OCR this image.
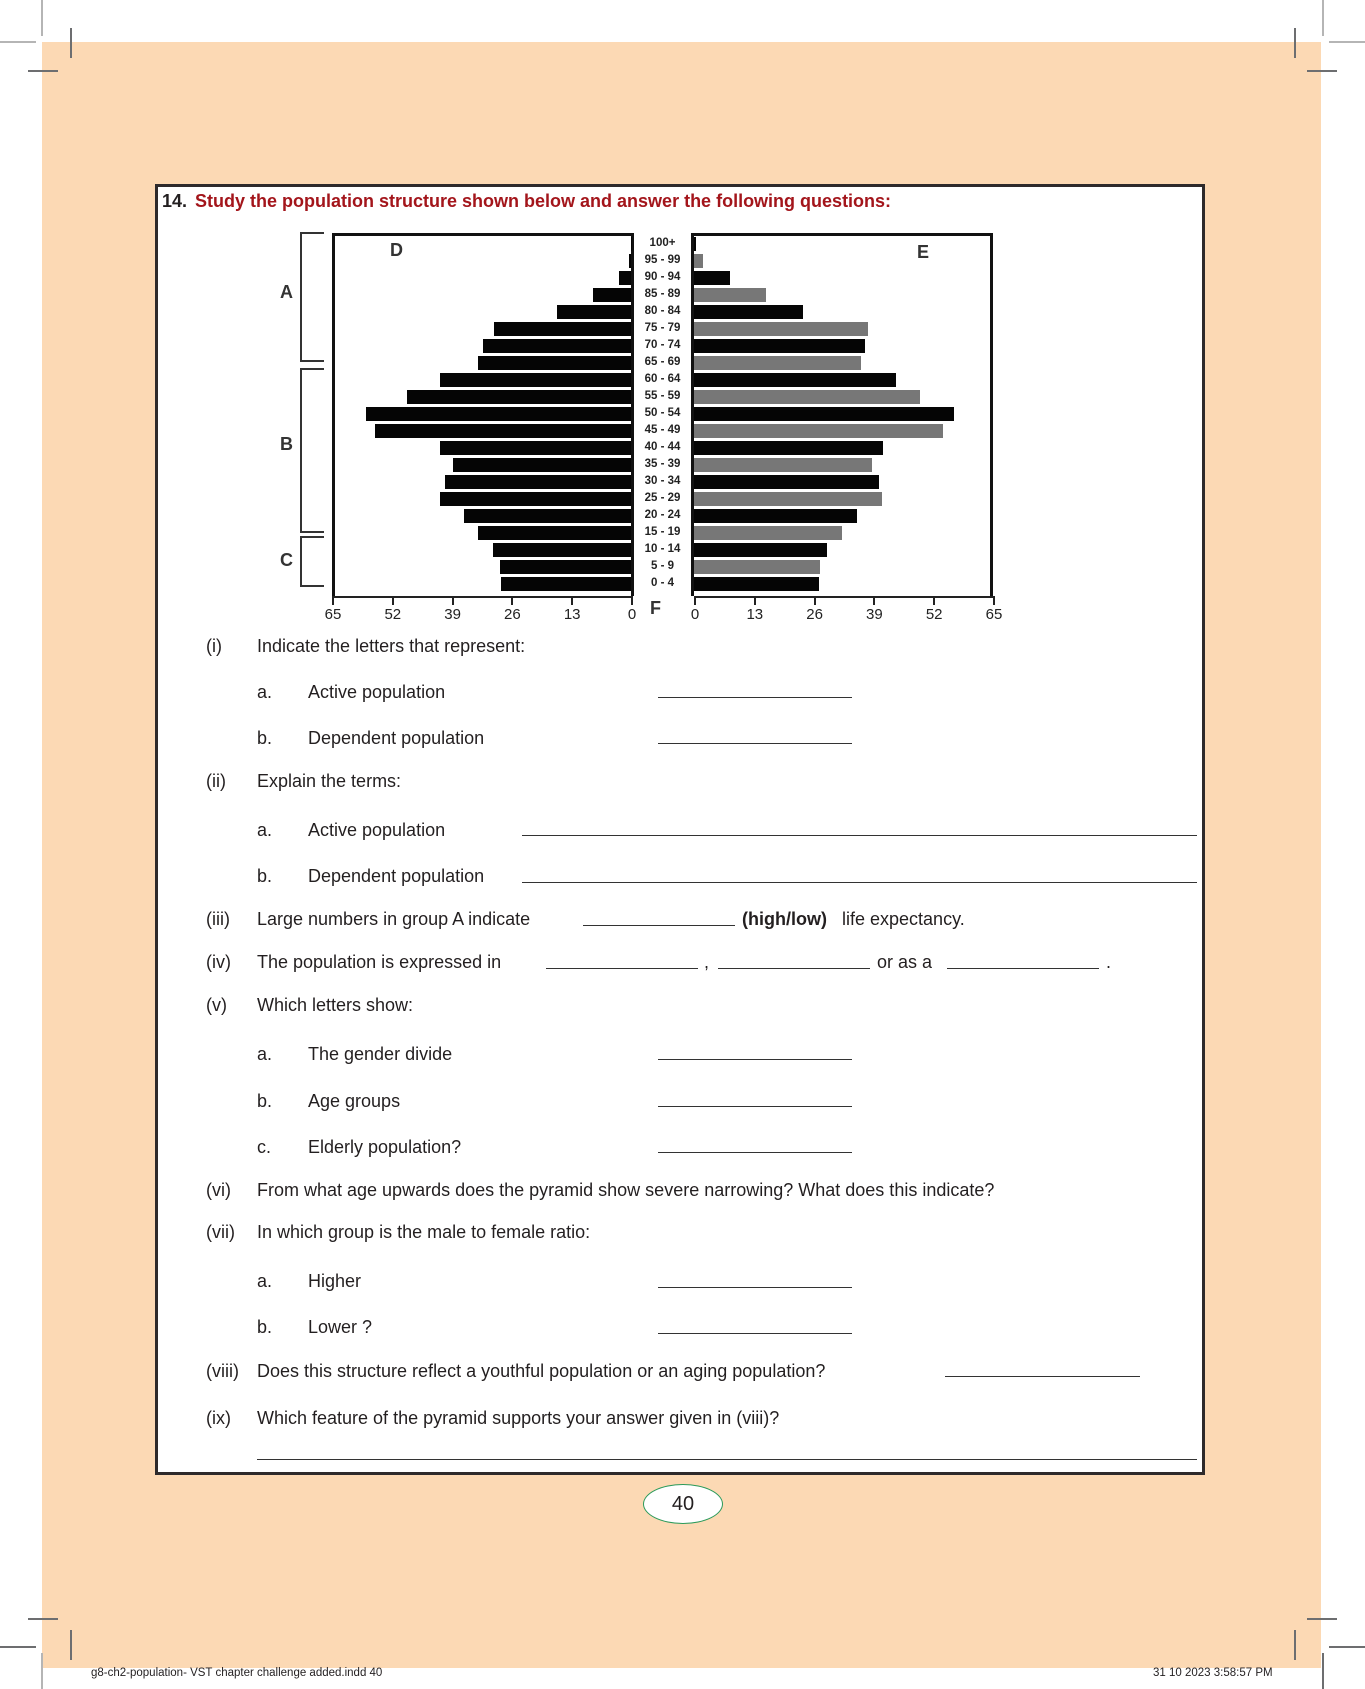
14. Study the population structure shown below and answer the following questions:
100+
95 - 99
90 - 94
85 - 89
80 - 84
75 - 79
70 - 74
65 - 69
60 - 64
55 - 59
50 - 54
45 - 49
40 - 44
35 - 39
30 - 34
25 - 29
20 - 24
15 - 19
10 - 14
5 - 9
0 - 4
65	52	39	26	13	0	0	13	26	39	52	65
D	E
F
A
B
C
(i) Indicate the letters that represent:
a. Active population
b. Dependent population
(ii) Explain the terms:
a. Active population
b. Dependent population
(iii) Large numbers in group A indicate	(high/low) life expectancy.
(iv) The population is expressed in	,	or as a	.
(v) Which letters show:
a. The gender divide
b. Age groups
c. Elderly population?
(vi) From what age upwards does the pyramid show severe narrowing? What does this indicate?
(vii) In which group is the male to female ratio:
a. Higher
b. Lower ?
(viii) Does this structure reflect a youthful population or an aging population?
(ix) Which feature of the pyramid supports your answer given in (viii)?
40
g8-ch2-population- VST chapter challenge added.indd 40	31 10 2023 3:58:57 PM
